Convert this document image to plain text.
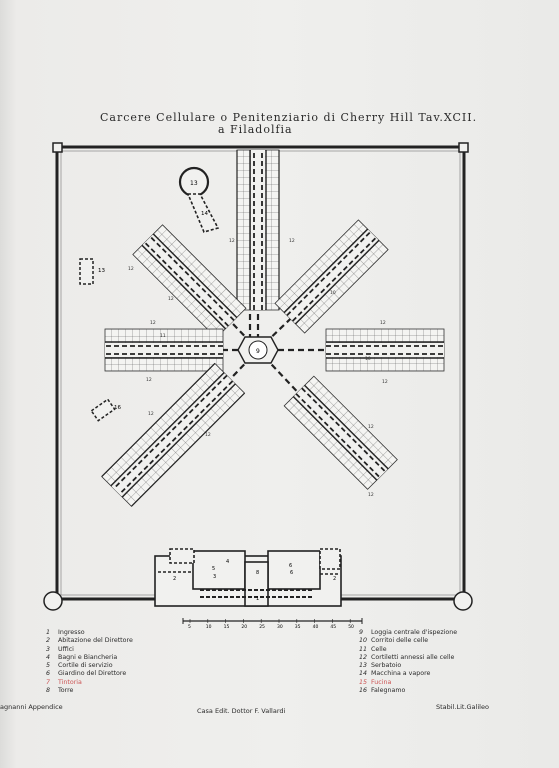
Carcere Cellulare o Penitenziario di Cherry Hill Tav.XCII.
a Filadolfia
9
13
14
13
16
12
12
12
12
12	12
12
12
12
12
12
12
11
10
10
4
5	6
3
6
8
2	2
1
5	10	15	20	25	30	35	40	45	50
1 Ingresso
2 Abitazione del Direttore
3 Uffici
4 Bagni e Biancheria
5 Cortile di servizio
6 Giardino del Direttore
7 Tintoria
8 Torre
9 Loggia centrale d'ispezione
10 Corritoi delle celle
11 Celle
12 Cortiletti annessi alle celle
13 Serbatoio
14 Macchina a vapore
15 Fucina
16 Falegnamo
agnanni Appendice	Casa Edit. Dottor F. Vallardi	Stabil.Lit.Galileo
